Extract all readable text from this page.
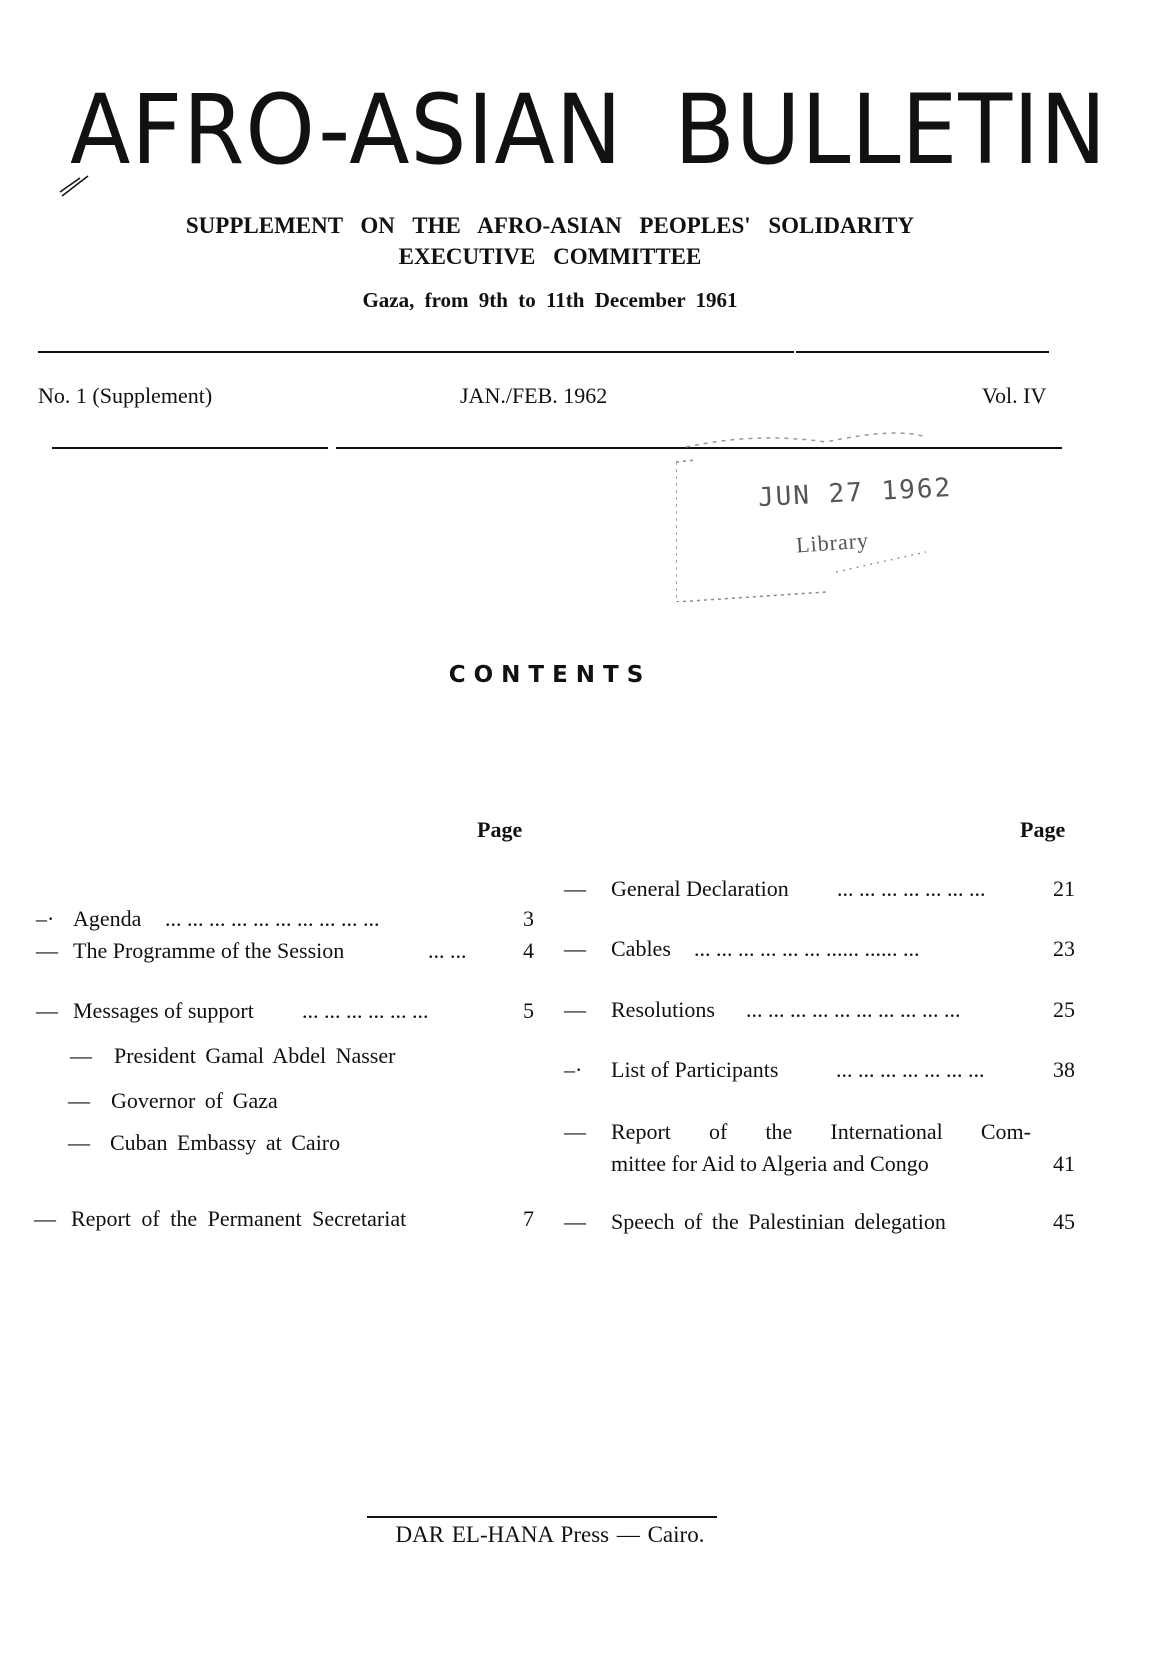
AFRO-ASIAN BULLETIN
SUPPLEMENT ON THE AFRO-ASIAN PEOPLES' SOLIDARITY
EXECUTIVE COMMITTEE
Gaza, from 9th to 11th December 1961
No. 1 (Supplement)	JAN./FEB. 1962	Vol. IV
JUN 27 1962
Library
CONTENTS
Page	Page
–· Agenda ... ... ... ... ... ... ... ... ... ...	3
— The Programme of the Session	... ...	4
— Messages of support ... ... ... ... ... ...	5
— President Gamal Abdel Nasser
— Governor of Gaza
— Cuban Embassy at Cairo
— Report of the Permanent Secretariat	7
— General Declaration ... ... ... ... ... ... ...	21
— Cables ... ... ... ... ... ... ...... ...... ...	23
— Resolutions ... ... ... ... ... ... ... ... ... ...	25
–· List of Participants	... ... ... ... ... ... ...	38
— Report of the International Com-
mittee for Aid to Algeria and Congo	41
— Speech of the Palestinian delegation	45
DAR EL-HANA Press — Cairo.
